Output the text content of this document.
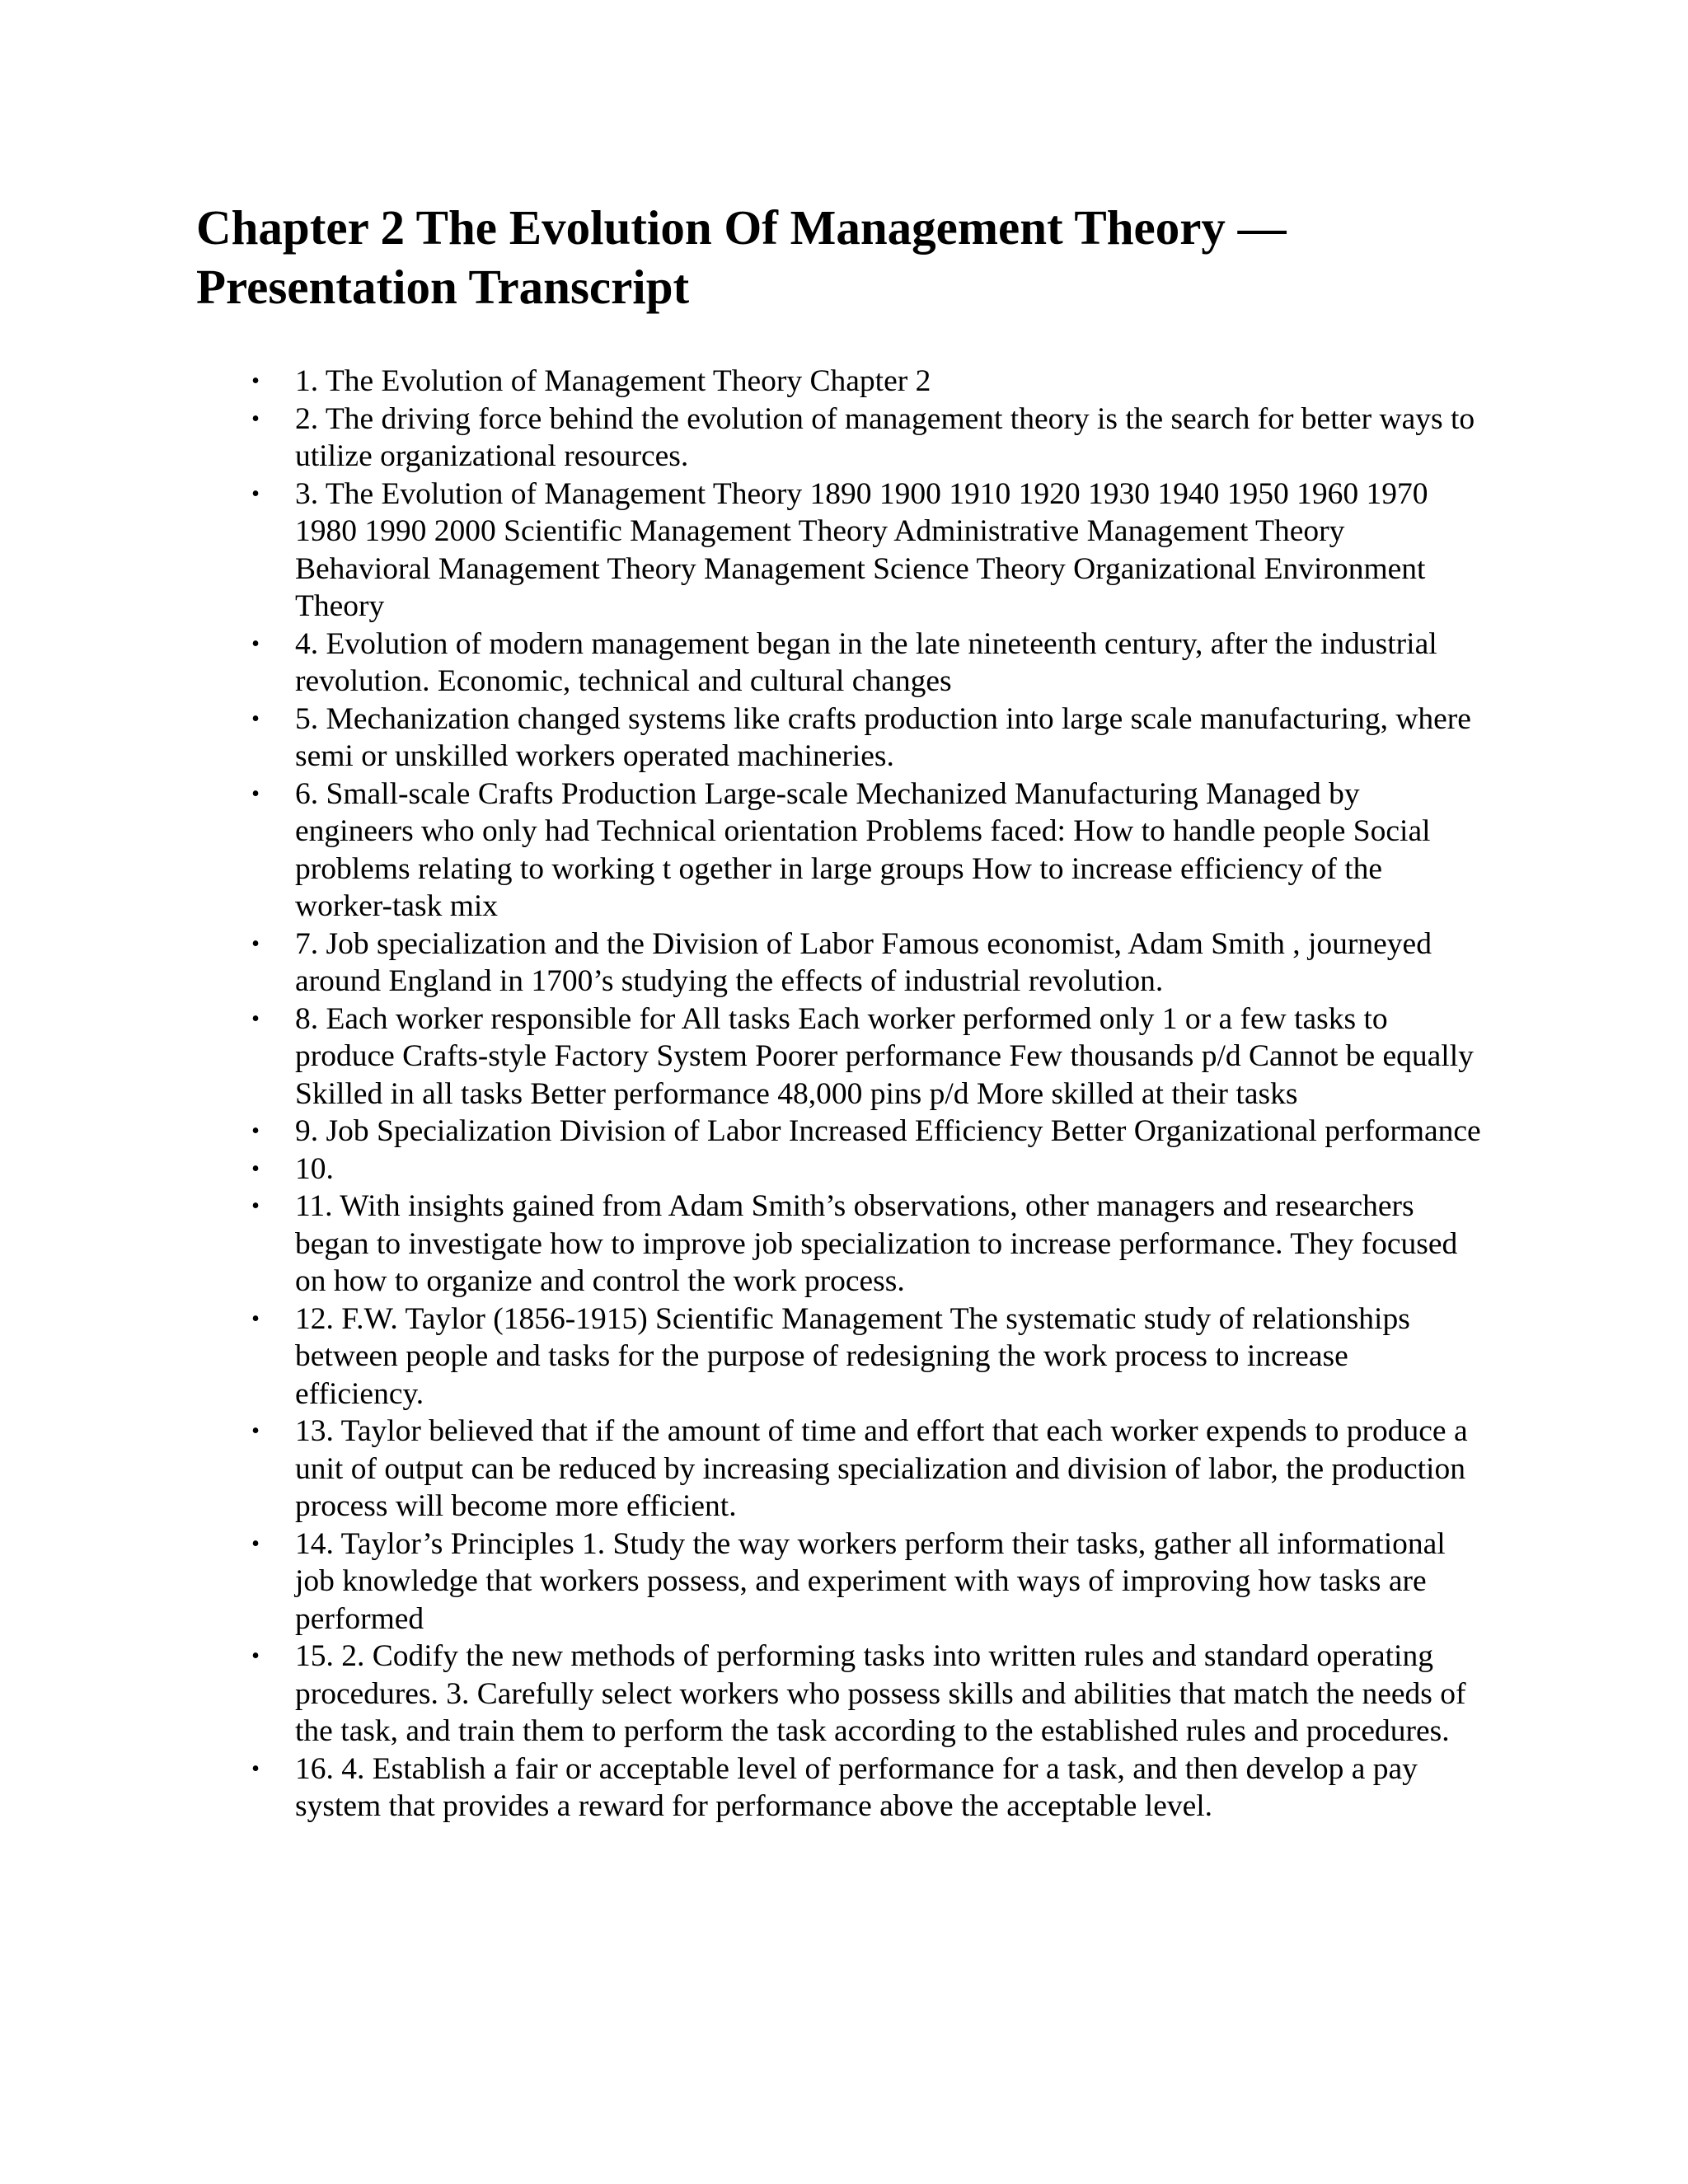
Chapter 2 The Evolution Of Management Theory — Presentation Transcript
• 1. The Evolution of Management Theory Chapter 2
• 2. The driving force behind the evolution of management theory is the search for better ways to utilize organizational resources.
• 3. The Evolution of Management Theory 1890 1900 1910 1920 1930 1940 1950 1960 1970 1980 1990 2000 Scientific Management Theory Administrative Management Theory Behavioral Management Theory Management Science Theory Organizational Environment Theory
• 4. Evolution of modern management began in the late nineteenth century, after the industrial revolution. Economic, technical and cultural changes
• 5. Mechanization changed systems like crafts production into large scale manufacturing, where semi or unskilled workers operated machineries.
• 6. Small-scale Crafts Production Large-scale Mechanized Manufacturing Managed by engineers who only had Technical orientation Problems faced: How to handle people Social problems relating to working t ogether in large groups How to increase efficiency of the worker-task mix
• 7. Job specialization and the Division of Labor Famous economist, Adam Smith , journeyed around England in 1700’s studying the effects of industrial revolution.
• 8. Each worker responsible for All tasks Each worker performed only 1 or a few tasks to produce Crafts-style Factory System Poorer performance Few thousands p/d Cannot be equally Skilled in all tasks Better performance 48,000 pins p/d More skilled at their tasks
• 9. Job Specialization Division of Labor Increased Efficiency Better Organizational performance
• 10.
• 11. With insights gained from Adam Smith’s observations, other managers and researchers began to investigate how to improve job specialization to increase performance. They focused on how to organize and control the work process.
• 12. F.W. Taylor (1856-1915) Scientific Management The systematic study of relationships between people and tasks for the purpose of redesigning the work process to increase efficiency.
• 13. Taylor believed that if the amount of time and effort that each worker expends to produce a unit of output can be reduced by increasing specialization and division of labor, the production process will become more efficient.
• 14. Taylor’s Principles 1. Study the way workers perform their tasks, gather all informational job knowledge that workers possess, and experiment with ways of improving how tasks are performed
• 15. 2. Codify the new methods of performing tasks into written rules and standard operating procedures. 3. Carefully select workers who possess skills and abilities that match the needs of the task, and train them to perform the task according to the established rules and procedures.
• 16. 4. Establish a fair or acceptable level of performance for a task, and then develop a pay system that provides a reward for performance above the acceptable level.
